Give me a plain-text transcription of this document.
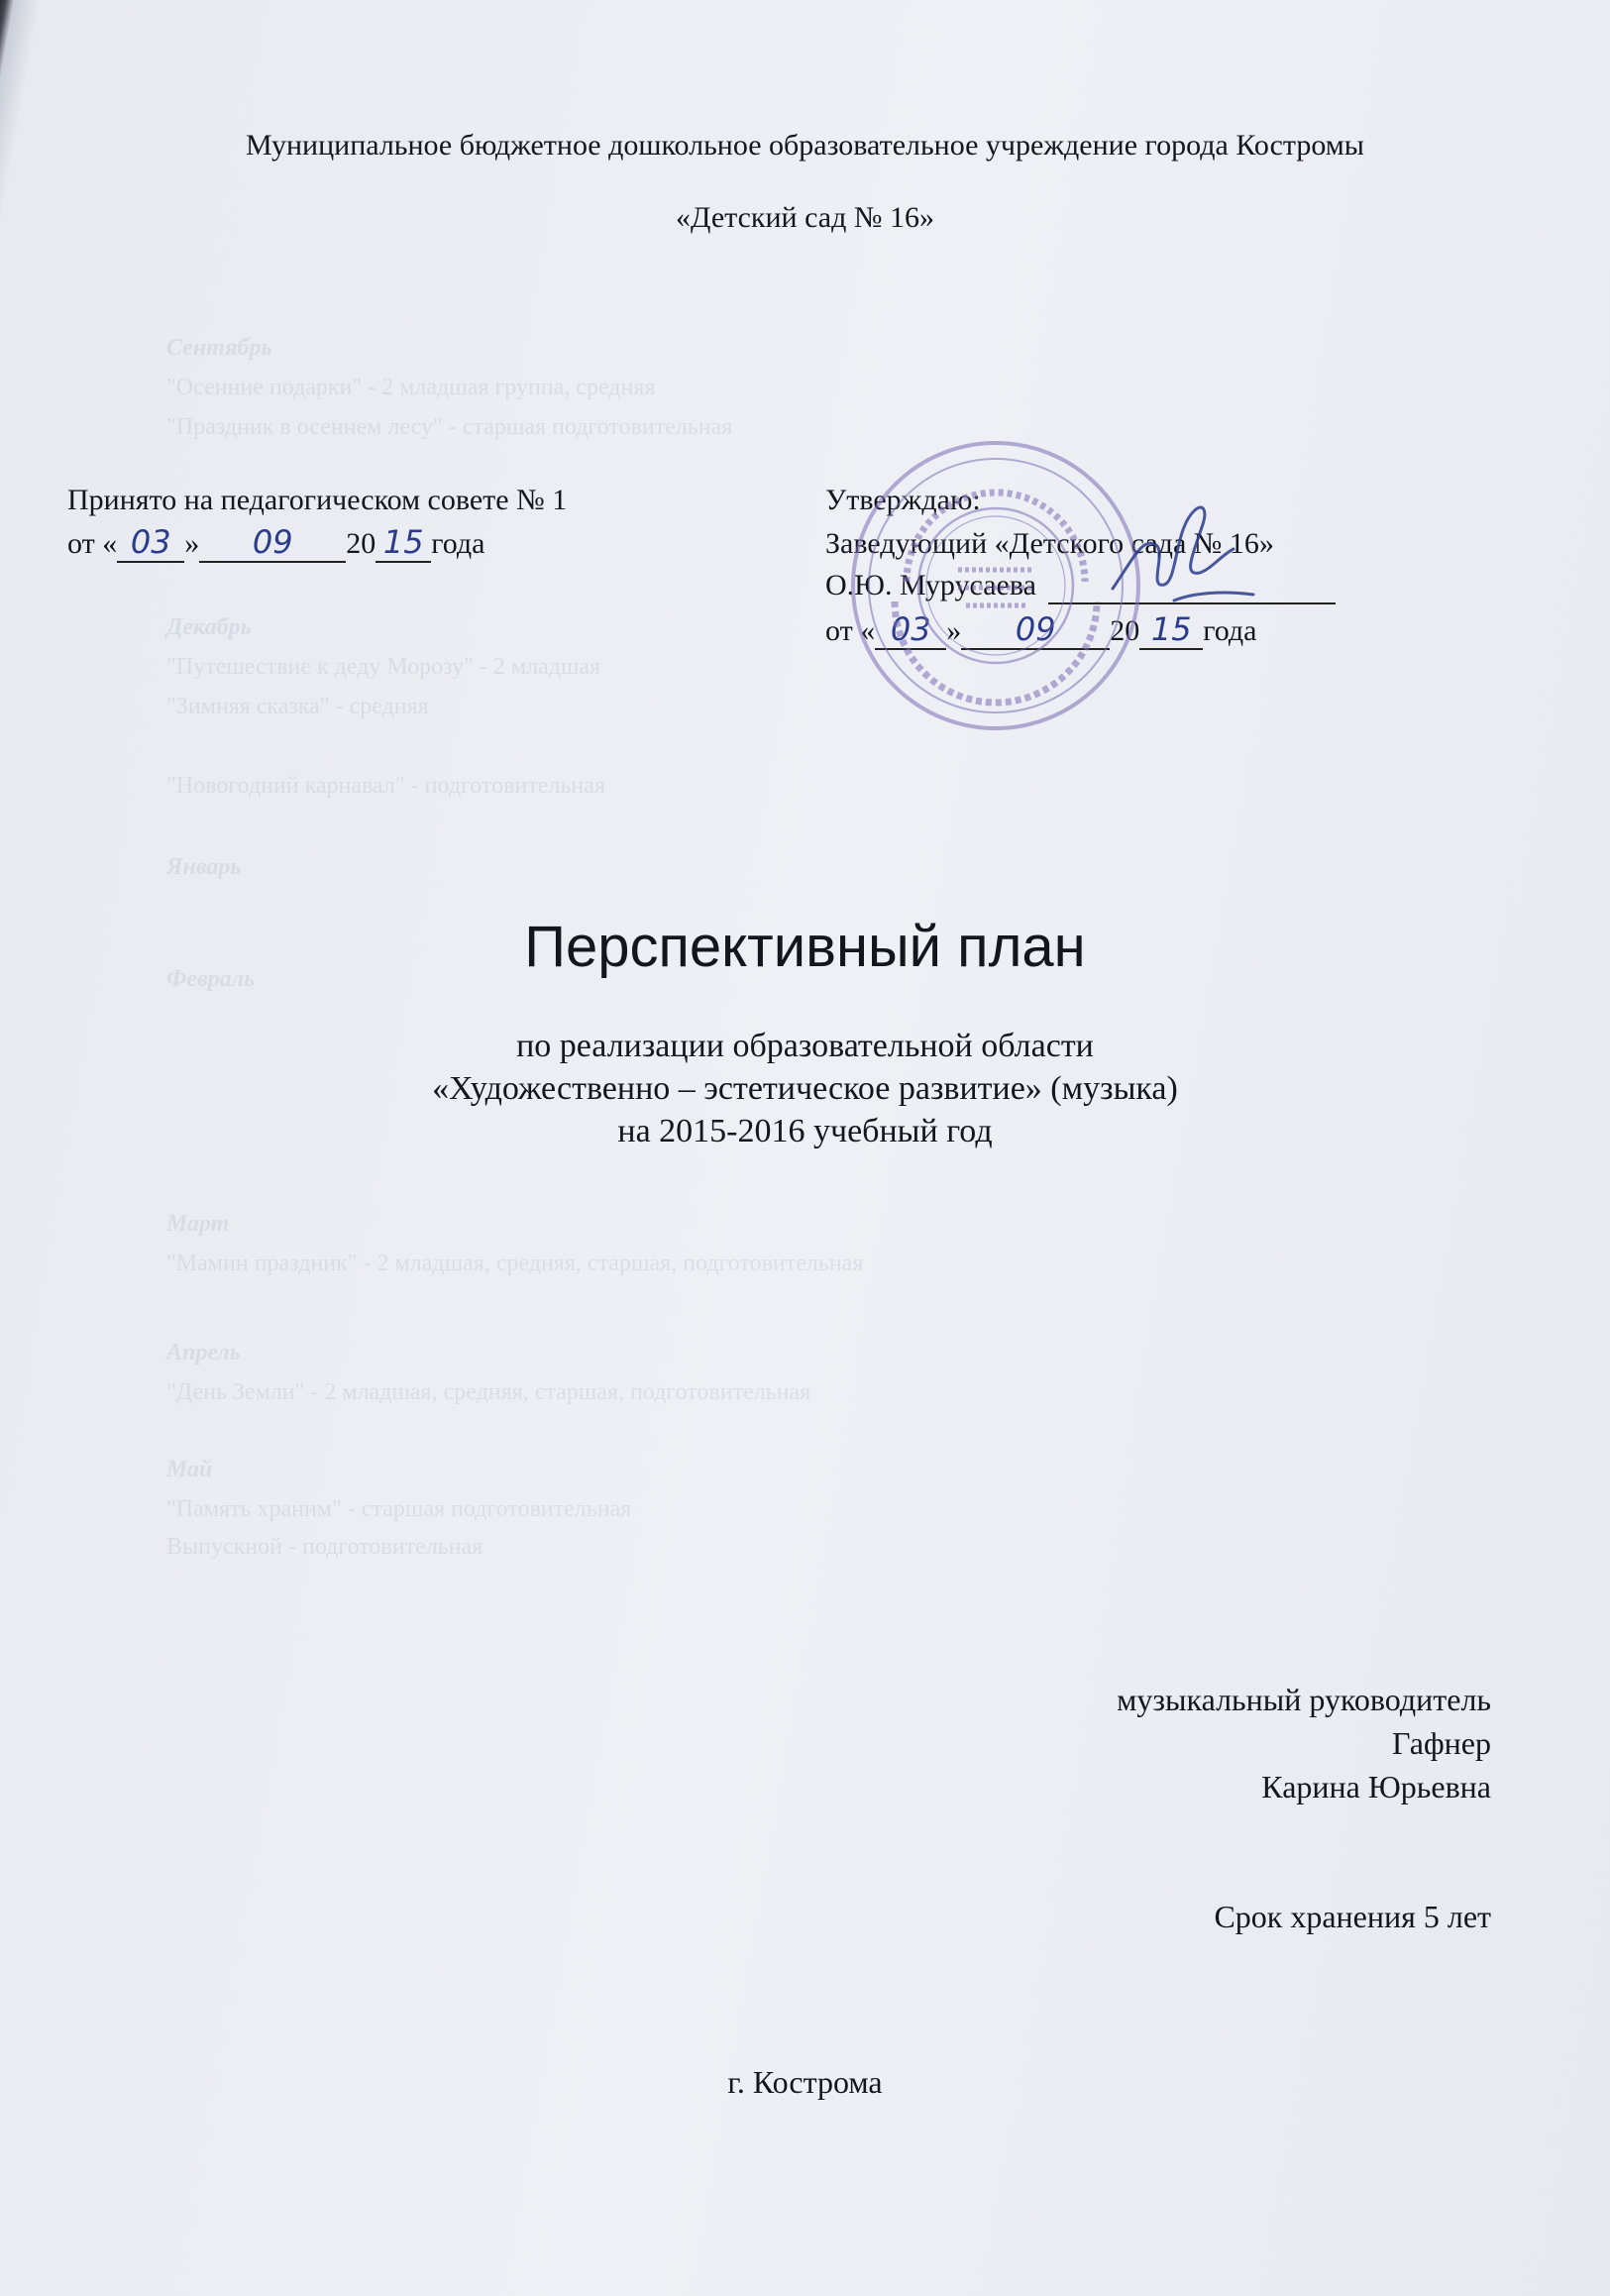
Сентябрь
"Осенние подарки" - 2 младшая группа, средняя
"Праздник в осеннем лесу" - старшая подготовительная
Декабрь
"Путешествие к деду Морозу" - 2 младшая
"Зимняя сказка" - средняя
"Новогодний карнавал" - подготовительная
Январь
Февраль
Март
"Мамин праздник" - 2 младшая, средняя, старшая, подготовительная
Апрель
"День Земли" - 2 младшая, средняя, старшая, подготовительная
Май
"Память храним" - старшая подготовительная
Выпускной - подготовительная
Муниципальное бюджетное дошкольное образовательное учреждение города Костромы
«Детский сад № 16»
Принято на педагогическом совете № 1
от « 03 » 09 20 15 года
Утверждаю:
Заведующий «Детского сада № 16»
О.Ю. Мурусаева
от « 03 » 09 20 15 года
Перспективный план
по реализации образовательной области
«Художественно – эстетическое развитие» (музыка)
на 2015-2016 учебный год
музыкальный руководитель
Гафнер
Карина Юрьевна
Срок хранения 5 лет
г. Кострома
